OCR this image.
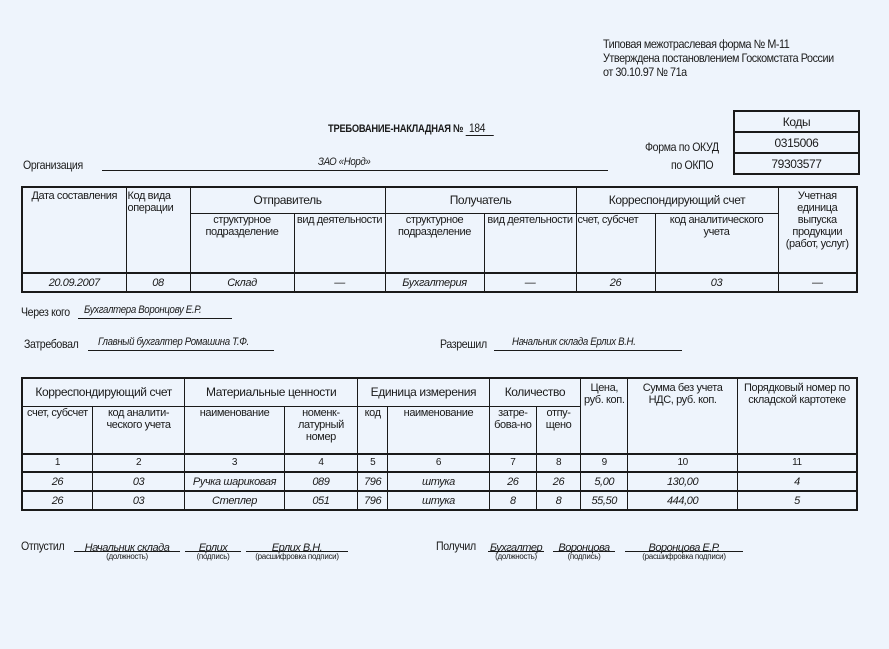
Типовая межотраслевая форма № М-11
Утверждена постановлением Госкомстата России
от 30.10.97 № 71а
ТРЕБОВАНИЕ-НАКЛАДНАЯ № 184	Коды
0315006
79303577
Форма по ОКУД
по ОКПО
Организация	ЗАО «Норд»
Дата составления	Код вида операции	Отправитель		Получатель		Корреспондирующий счет		Учетная единица выпуска продукции (работ, услуг)
		структурное подразделение	вид деятельности	структурное подразделение	вид деятельности	счет, субсчет	код аналитического учета	
20.09.2007	08	Склад	—	Бухгалтерия	—	26	03	—
Через кого Бухгалтера Воронцову Е.Р.
Затребовал Главный бухгалтер Ромашина Т.Ф.	Разрешил Начальник склада Ерлих В.Н.
Корреспондирующий счет		Материальные ценности		Единица измерения		Количество		Цена, руб. коп.	Сумма без учета НДС, руб. коп.	Порядковый номер по складской картотеке
счет, субсчет	код аналити-ческого учета	наименование	номенк-латурный номер	код	наименование	затре-бова-но	отпу-щено			
1	2	3	4	5	6	7	8	9	10	11
26	03	Ручка шариковая	089	796	штука	26	26	5,00	130,00	4
26	03	Степлер	051	796	штука	8	8	55,50	444,00	5
Отпустил	Начальник склада
(должность)
Ерлих
(подпись)
Ерлих В.Н.
(расшифровка подписи)
Получил Бухгалтер
(должность)
Воронцова
(подпись)
Воронцова Е.Р.
(расшифровка подписи)
